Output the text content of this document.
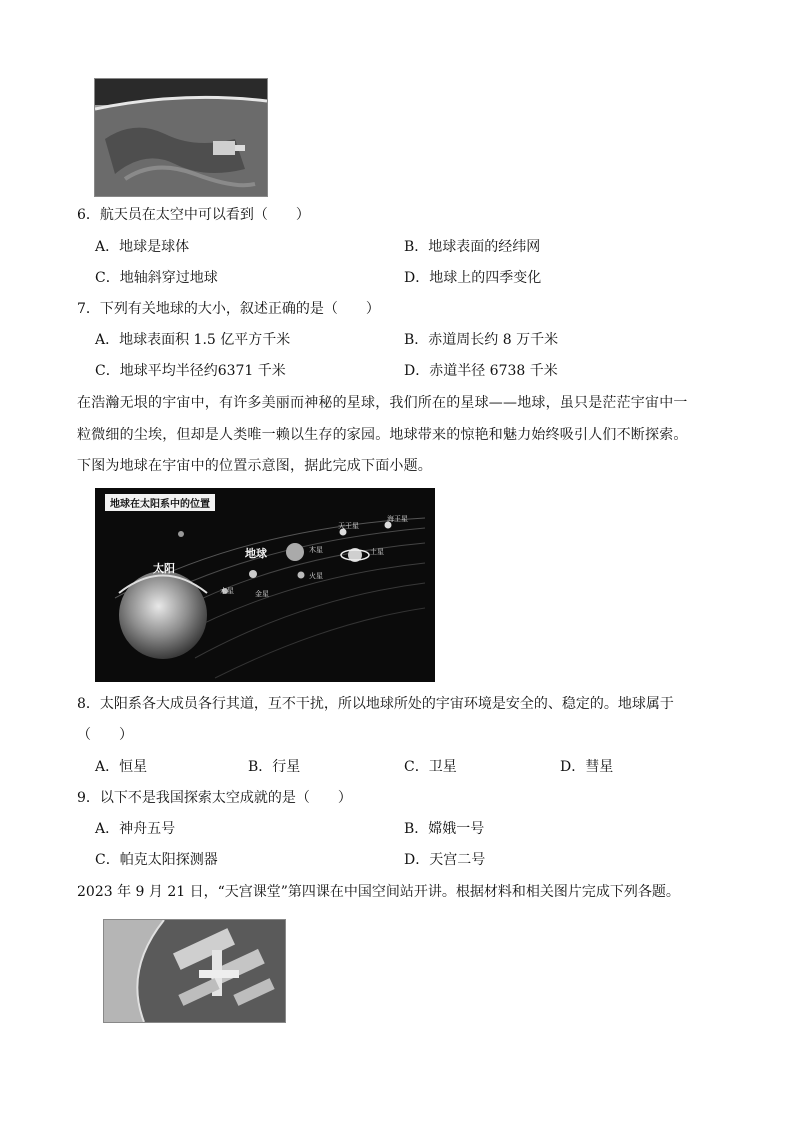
6．航天员在太空中可以看到（　　）
A．地球是球体	B．地球表面的经纬网
C．地轴斜穿过地球	D．地球上的四季变化
7．下列有关地球的大小，叙述正确的是（　　）
A．地球表面积 1.5 亿平方千米	B．赤道周长约 8 万千米
C．地球平均半径约6371 千米	D．赤道半径 6738 千米
在浩瀚无垠的宇宙中，有许多美丽而神秘的星球，我们所在的星球——地球，虽只是茫茫宇宙中一
粒微细的尘埃，但却是人类唯一赖以生存的家园。地球带来的惊艳和魅力始终吸引人们不断探索。
下图为地球在宇宙中的位置示意图，据此完成下面小题。
地球在太阳系中的位置
太阳
地球
水星	金星
火星
木星	土星
天王星
海王星
8．太阳系各大成员各行其道，互不干扰，所以地球所处的宇宙环境是安全的、稳定的。地球属于
（　　）
A．恒星	B．行星	C．卫星	D．彗星
9．以下不是我国探索太空成就的是（　　）
A．神舟五号	B．嫦娥一号
C．帕克太阳探测器	D．天宫二号
2023 年 9 月 21 日，“天宫课堂”第四课在中国空间站开讲。根据材料和相关图片完成下列各题。
